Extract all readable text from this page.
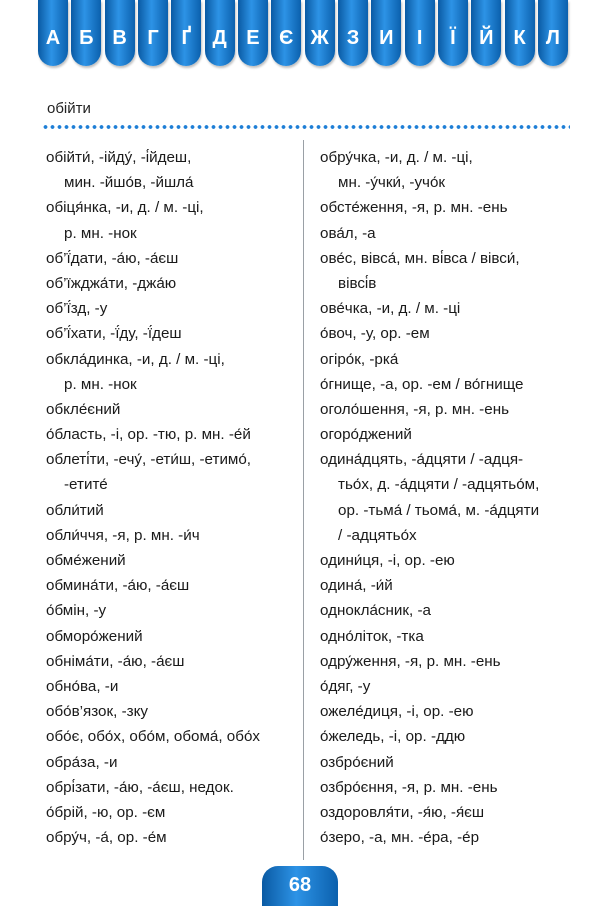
А Б В	Г	Ґ	Д Е Є Ж З И	І	Ї	Й	К	Л
обійти
обійти́, -ійду́, -і́йдеш,
мин. -йшо́в, -йшла́
обіця́нка, -и, д. / м. -ці,
р. мн. -нок
об’ї́дати, -а́ю, -а́єш
об’їжджа́ти, -джа́ю
об’ї́зд, -у
об’ї́хати, -ї́ду, -ї́деш
обкла́динка, -и, д. / м. -ці,
р. мн. -нок
обкле́єний
о́бласть, -і, ор. -тю, р. мн. -е́й
облеті́ти, -ечу́, -ети́ш, -етимо́,
-етите́
обли́тий
обли́ччя, -я, р. мн. -и́ч
обме́жений
обмина́ти, -а́ю, -а́єш
о́бмін, -у
обморо́жений
обніма́ти, -а́ю, -а́єш
обно́ва, -и
обо́в’язок, -зку
обо́є, обо́х, обо́м, обома́, обо́х
обра́за, -и
обрі́зати, -а́ю, -а́єш, недок.
о́брій, -ю, ор. -єм
обру́ч, -а́, ор. -е́м
обру́чка, -и, д. / м. -ці,
мн. -у́чки́, -учо́к
обсте́ження, -я, р. мн. -ень
ова́л, -а
ове́с, вівса́, мн. ві́вса / вівси́,
вівсі́в
ове́чка, -и, д. / м. -ці
о́воч, -у, ор. -ем
огіро́к, -рка́
о́гнище, -а, ор. -ем / во́гнище
оголо́шення, -я, р. мн. -ень
огоро́джений
одина́дцять, -а́дцяти / -адця-
тьо́х, д. -а́дцяти / -адцятьо́м,
ор. -тьма́ / тьома́, м. -а́дцяти
/ -адцятьо́х
одини́ця, -і, ор. -ею
одина́, -и́й
однокла́сник, -а
одно́літок, -тка
одру́ження, -я, р. мн. -ень
о́дяг, -у
ожеле́диця, -і, ор. -ею
о́желедь, -і, ор. -ддю
озбро́єний
озбро́єння, -я, р. мн. -ень
оздоровля́ти, -я́ю, -я́єш
о́зеро, -а, мн. -е́ра, -е́р
68
